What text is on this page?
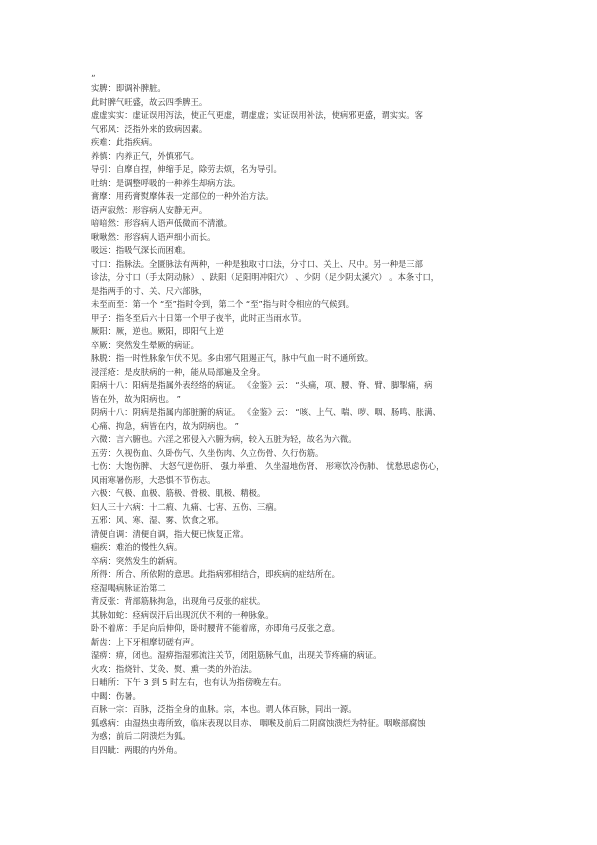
„
实脾：即调补脾脏。
此时脾气旺盛，故云四季脾王。
虚虚实实：虚证误用泻法，使正气更虚，谓虚虚；实证误用补法，使病邪更盛，谓实实。客
气邪风：泛指外来的致病因素。
疾难：此指疾病。
养慎：内养正气，外慎邪气。
导引：自摩自捏，伸缩手足，除劳去烦，名为导引。
吐纳：是调整呼吸的一种养生却病方法。
膏摩：用药膏熨摩体表一定部位的一种外治方法。
语声寂然：形容病人安静无声。
喑喑然：形容病人语声低微而不清澈。
啾啾然：形容病人语声细小而长。
吸远：指吸气深长而困难。
寸口：指脉法。全匮脉法有两种，一种是独取寸口法，分寸口、关上、尺中。另一种是三部
诊法，分寸口（手太阴动脉） 、趺阳（足阳明冲阳穴） 、少阴（足少阴太溪穴） 。本条寸口，
是指两手的寸、关、尺六部脉，
未至而至：第一个 “至”指时令到，第二个 “至”指与时令相应的气候到。
甲子：指冬至后六十日第一个甲子夜半，此时正当雨水节。
厥阳：厥，逆也。厥阳，即阳气上逆
卒厥：突然发生晕厥的病证。
脉脱：指一时性脉象乍伏不见。多由邪气阻遏正气，脉中气血一时不通所致。
浸淫疮：是皮肤病的一种，能从局部遍及全身。
阳病十八：阳病是指属外表经络的病证。 《金鉴》云： “头痛，项、腰、脊、臂、脚掣痛，病
皆在外，故为阳病也。 ”
阴病十八：阴病是指属内部脏腑的病证。 《金鉴》云： “咳、上气、喘、哕、咽、肠鸣、胀满、
心痛、拘急，病皆在内，故为阴病也。 ”
六微：言六腑也。六淫之邪侵入六腑为病，较入五脏为轻，故名为六微。
五劳：久视伤血、久卧伤气、久坐伤肉、久立伤骨、久行伤筋。
七伤：大饱伤脾、 大怒气逆伤肝、 强力举重、 久坐湿地伤肾、 形寒饮冷伤肺、 忧愁思虑伤心，
风雨寒暑伤形，大恐惧不节伤志。
六极：气极、血极、筋极、骨极、肌极、精极。
妇人三十六病：十二瘕、九痛、七害、五伤、三痼。
五邪：风、寒、湿、雾、饮食之邪。
清便自调：清便自调，指大便已恢复正常。
痼疾：难治的慢性久病。
卒病：突然发生的新病。
所得：所合、所依附的意思。此指病邪相结合，即疾病的症结所在。
痉湿喝病脉证治第二
背反张：背部筋脉拘急，出现角弓反张的症状。
其脉如蛇：痉病误汗后出现沉伏不利的一种脉象。
卧不着席：手足向后伸仰，卧时腰背不能着席，亦即角弓反张之意。
龂齿：上下牙相摩切磋有声。
湿痹：痹，闭也。湿痹指湿邪流注关节，闭阻筋脉气血，出现关节疼痛的病证。
火攻：指烧针、艾灸、熨、熏一类的外治法。
日晡所：下午 3 到 5 时左右，也有认为指傍晚左右。
中暍：伤暑。
百脉一宗：百脉，泛指全身的血脉。宗，本也。谓人体百脉，同出一源。
狐惑病：由湿热虫毒所致，临床表现以目赤、 咽喉及前后二阴腐蚀溃烂为特征。咽喉部腐蚀
为惑；前后二阴溃烂为狐。
目四眦：两眼的内外角。
